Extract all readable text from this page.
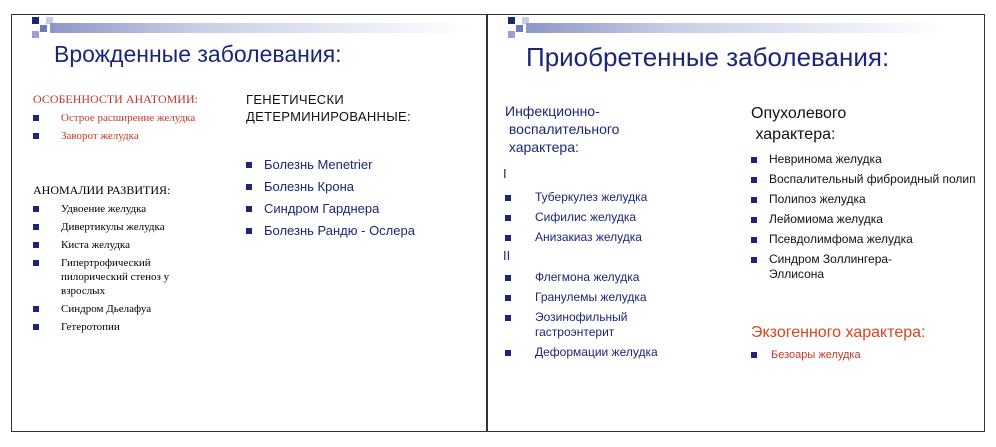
Врожденные заболевания:
ОСОБЕННОСТИ АНАТОМИИ:
Острое расширение желудка
Заворот желудка
АНОМАЛИИ РАЗВИТИЯ:
Удвоение желудка
Дивертикулы желудка
Киста желудка
Гипертрофический пилорический стеноз у взрослых
Синдром Дьелафуа
Гетеротопии
ГЕНЕТИЧЕСКИ ДЕТЕРМИНИРОВАННЫЕ:
Болезнь Menetrier
Болезнь Крона
Синдром Гарднера
Болезнь Рандю - Ослера
Приобретенные заболевания:
Инфекционно-
воспалительного
характера:
I
Туберкулез желудка
Сифилис желудка
Анизакиаз желудка
II
Флегмона желудка
Гранулемы желудка
Эозинофильный гастроэнтерит
Деформации желудка
Опухолевого
характера:
Невринома желудка
Воспалительный фиброидный полип
Полипоз желудка
Лейомиома желудка
Псевдолимфома желудка
Синдром Золлингера-Эллисона
Экзогенного характера:
Безоары желудка
